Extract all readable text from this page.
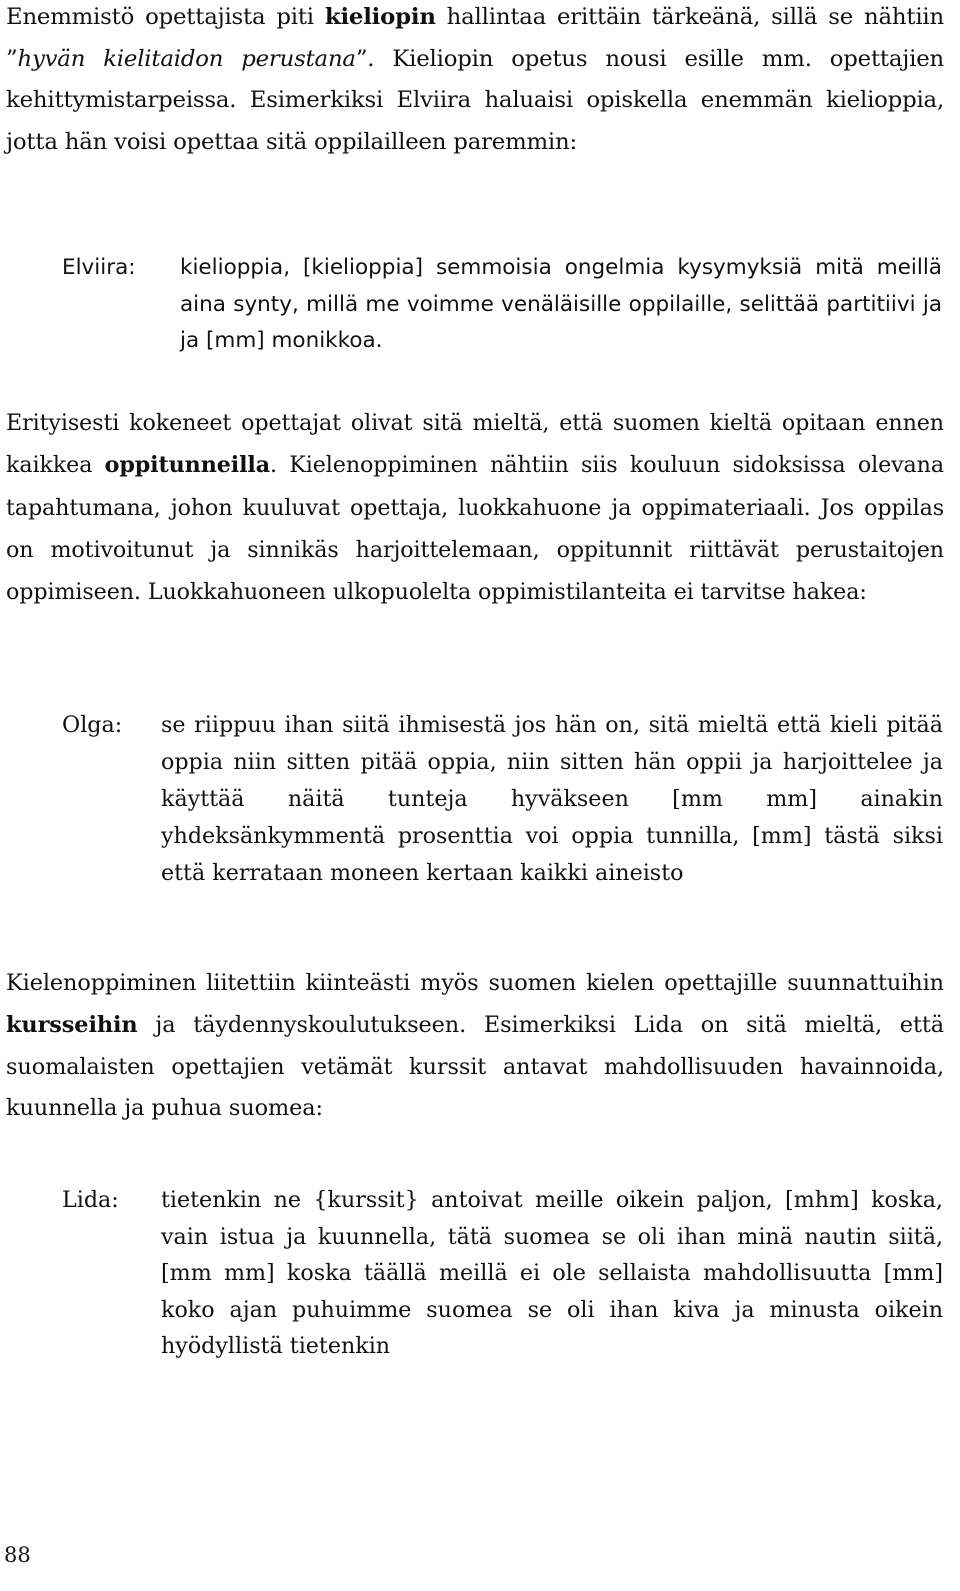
Enemmistö opettajista piti kieliopin hallintaa erittäin tärkeänä, sillä se nähtiin ”hyvän kielitaidon perustana”. Kieliopin opetus nousi esille mm. opettajien kehittymistarpeissa. Esimerkiksi Elviira haluaisi opiskella enemmän kielioppia, jotta hän voisi opettaa sitä oppilailleen paremmin:

Elviira: kielioppia, [kielioppia] semmoisia ongelmia kysymyksiä mitä meillä aina synty, millä me voimme venäläisille oppilaille, selittää partitiivi ja ja [mm] monikkoa.

Erityisesti kokeneet opettajat olivat sitä mieltä, että suomen kieltä opitaan ennen kaikkea oppitunneilla. Kielenoppiminen nähtiin siis kouluun sidoksissa olevana tapahtumana, johon kuuluvat opettaja, luokkahuone ja oppimateriaali. Jos oppilas on motivoitunut ja sinnikäs harjoittelemaan, oppitunnit riittävät perustaitojen oppimiseen. Luokkahuoneen ulkopuolelta oppimistilanteita ei tarvitse hakea:

Olga: se riippuu ihan siitä ihmisestä jos hän on, sitä mieltä että kieli pitää oppia niin sitten pitää oppia, niin sitten hän oppii ja harjoittelee ja käyttää näitä tunteja hyväkseen [mm mm] ainakin yhdeksänkymmentä prosenttia voi oppia tunnilla, [mm] tästä siksi että kerrataan moneen kertaan kaikki aineisto

Kielenoppiminen liitettiin kiinteästi myös suomen kielen opettajille suunnattuihin kursseihin ja täydennyskoulutukseen. Esimerkiksi Lida on sitä mieltä, että suomalaisten opettajien vetämät kurssit antavat mahdollisuuden havainnoida, kuunnella ja puhua suomea:

Lida: tietenkin ne {kurssit} antoivat meille oikein paljon, [mhm] koska, vain istua ja kuunnella, tätä suomea se oli ihan minä nautin siitä, [mm mm] koska täällä meillä ei ole sellaista mahdollisuutta [mm] koko ajan puhuimme suomea se oli ihan kiva ja minusta oikein hyödyllistä tietenkin
88
